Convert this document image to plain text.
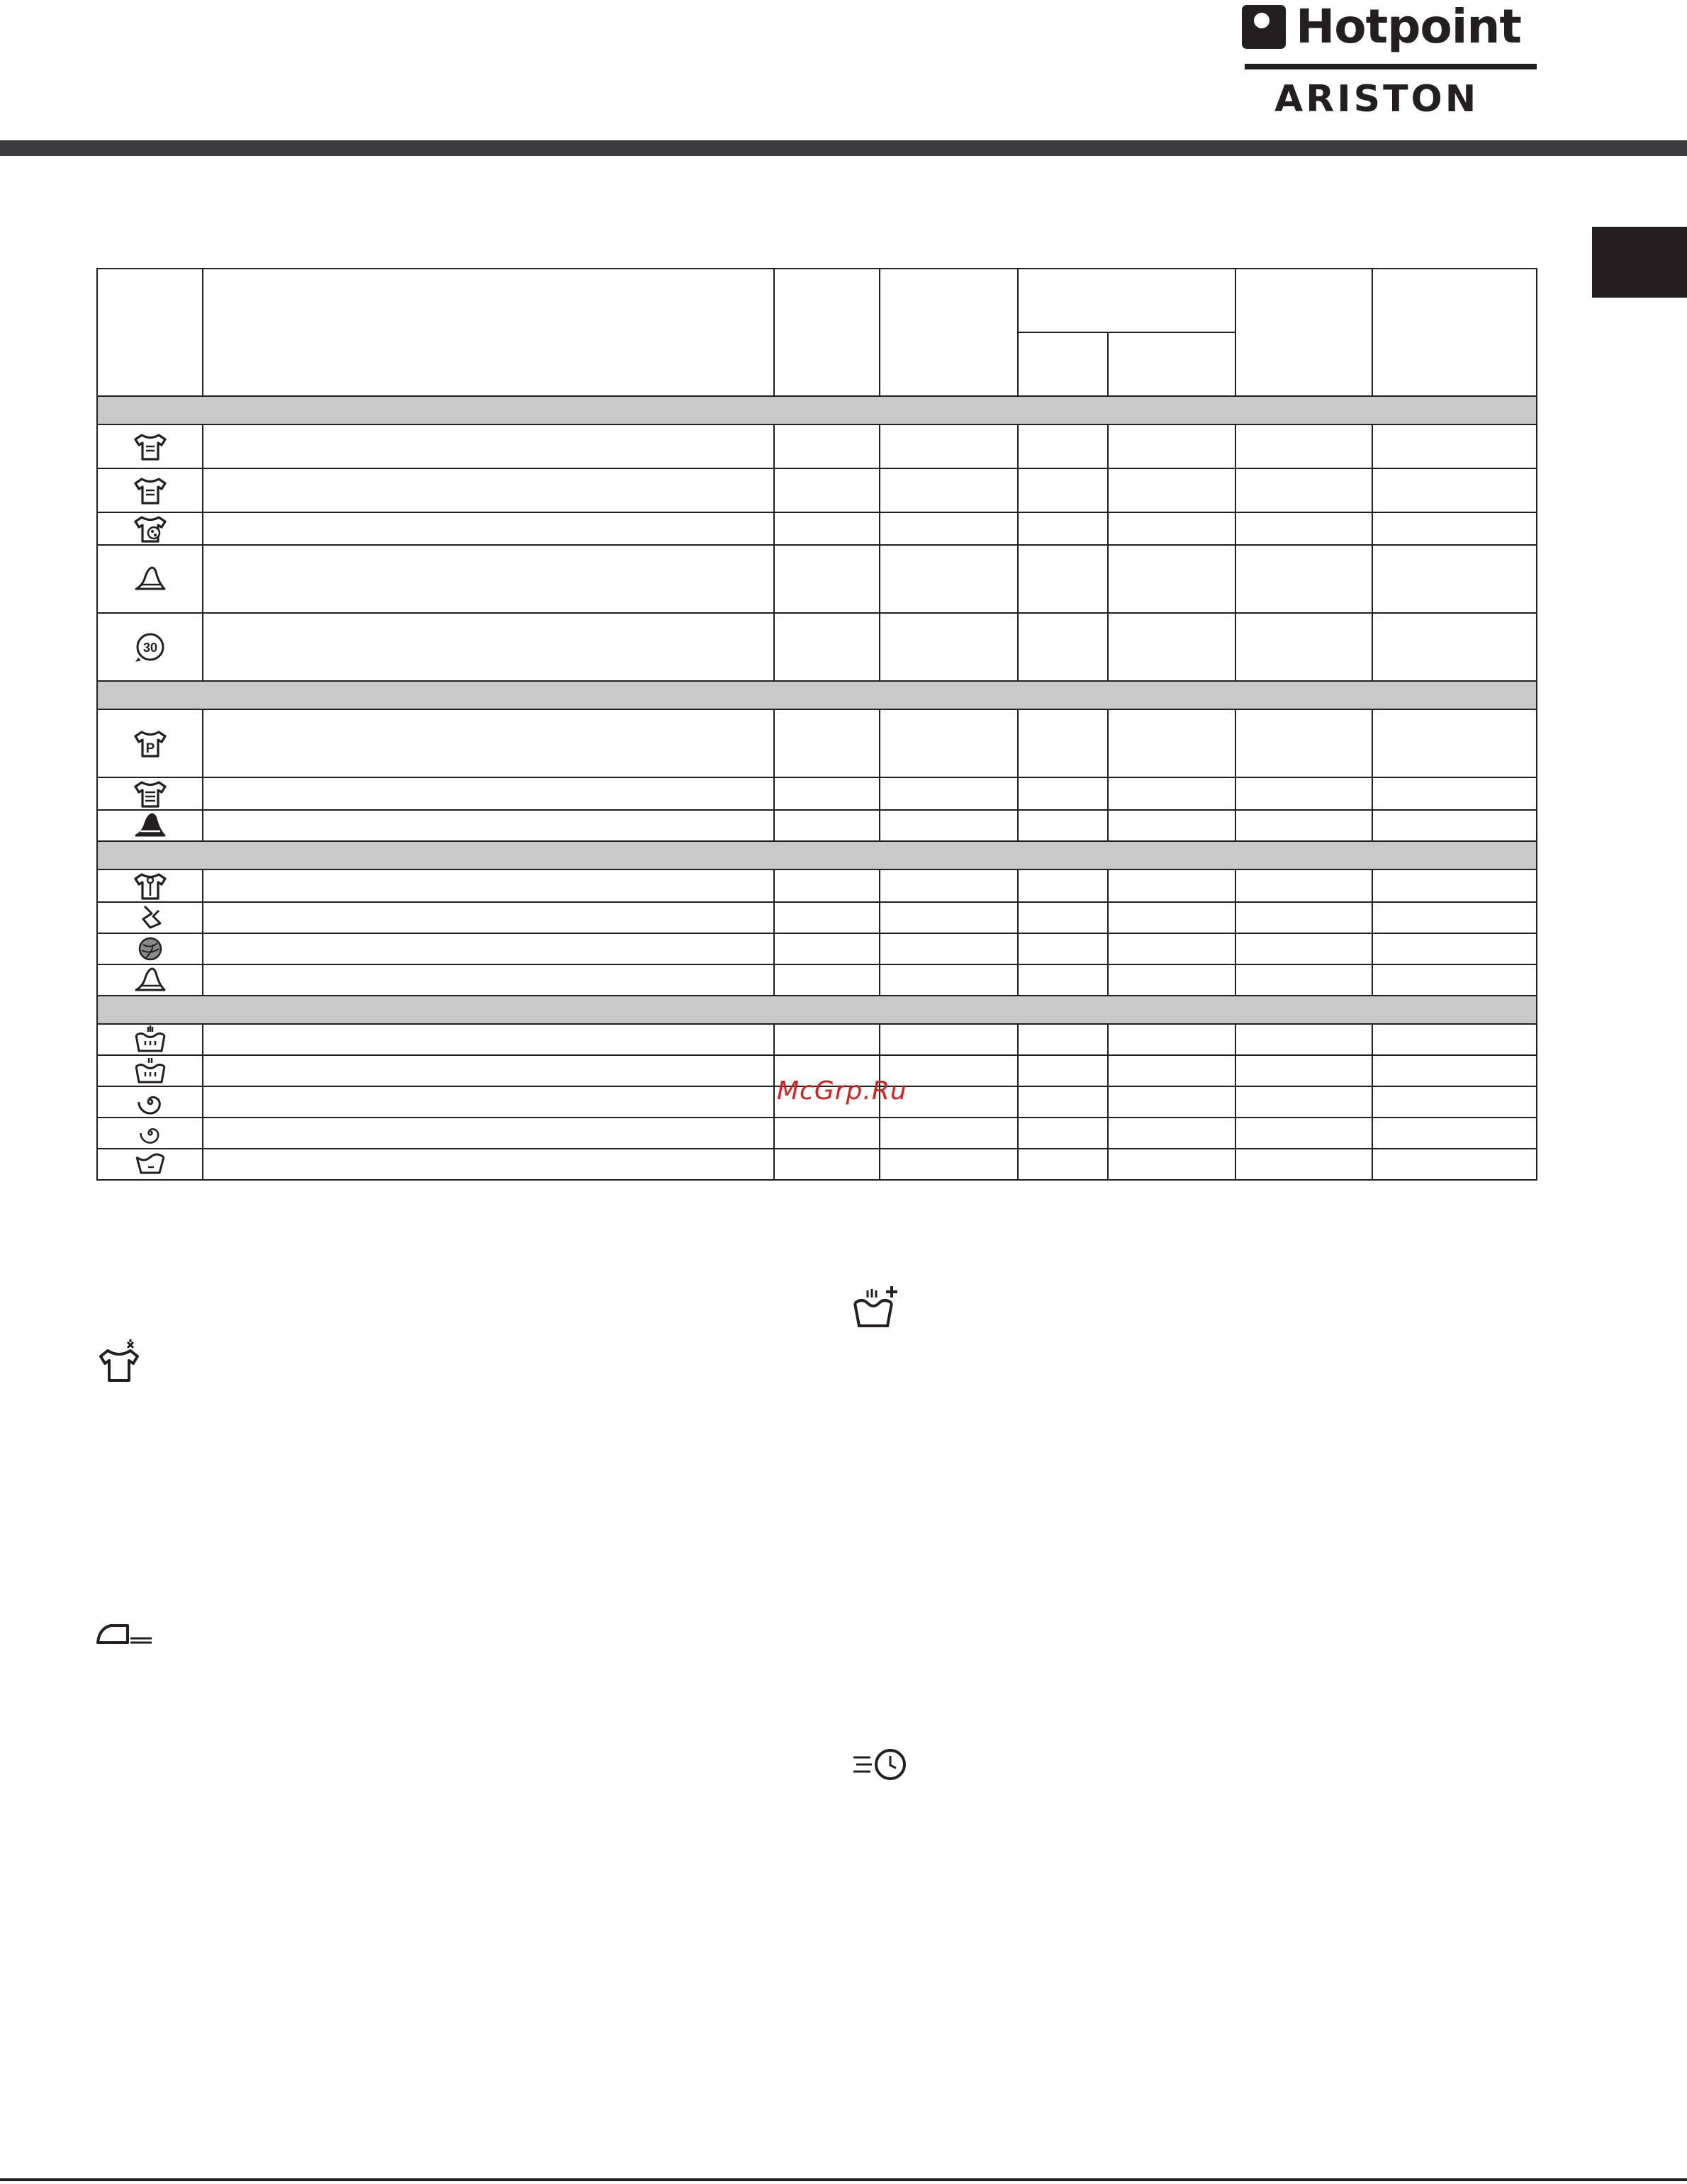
Hotpoint
ARISTON

30							

P							

McGrp.Ru
